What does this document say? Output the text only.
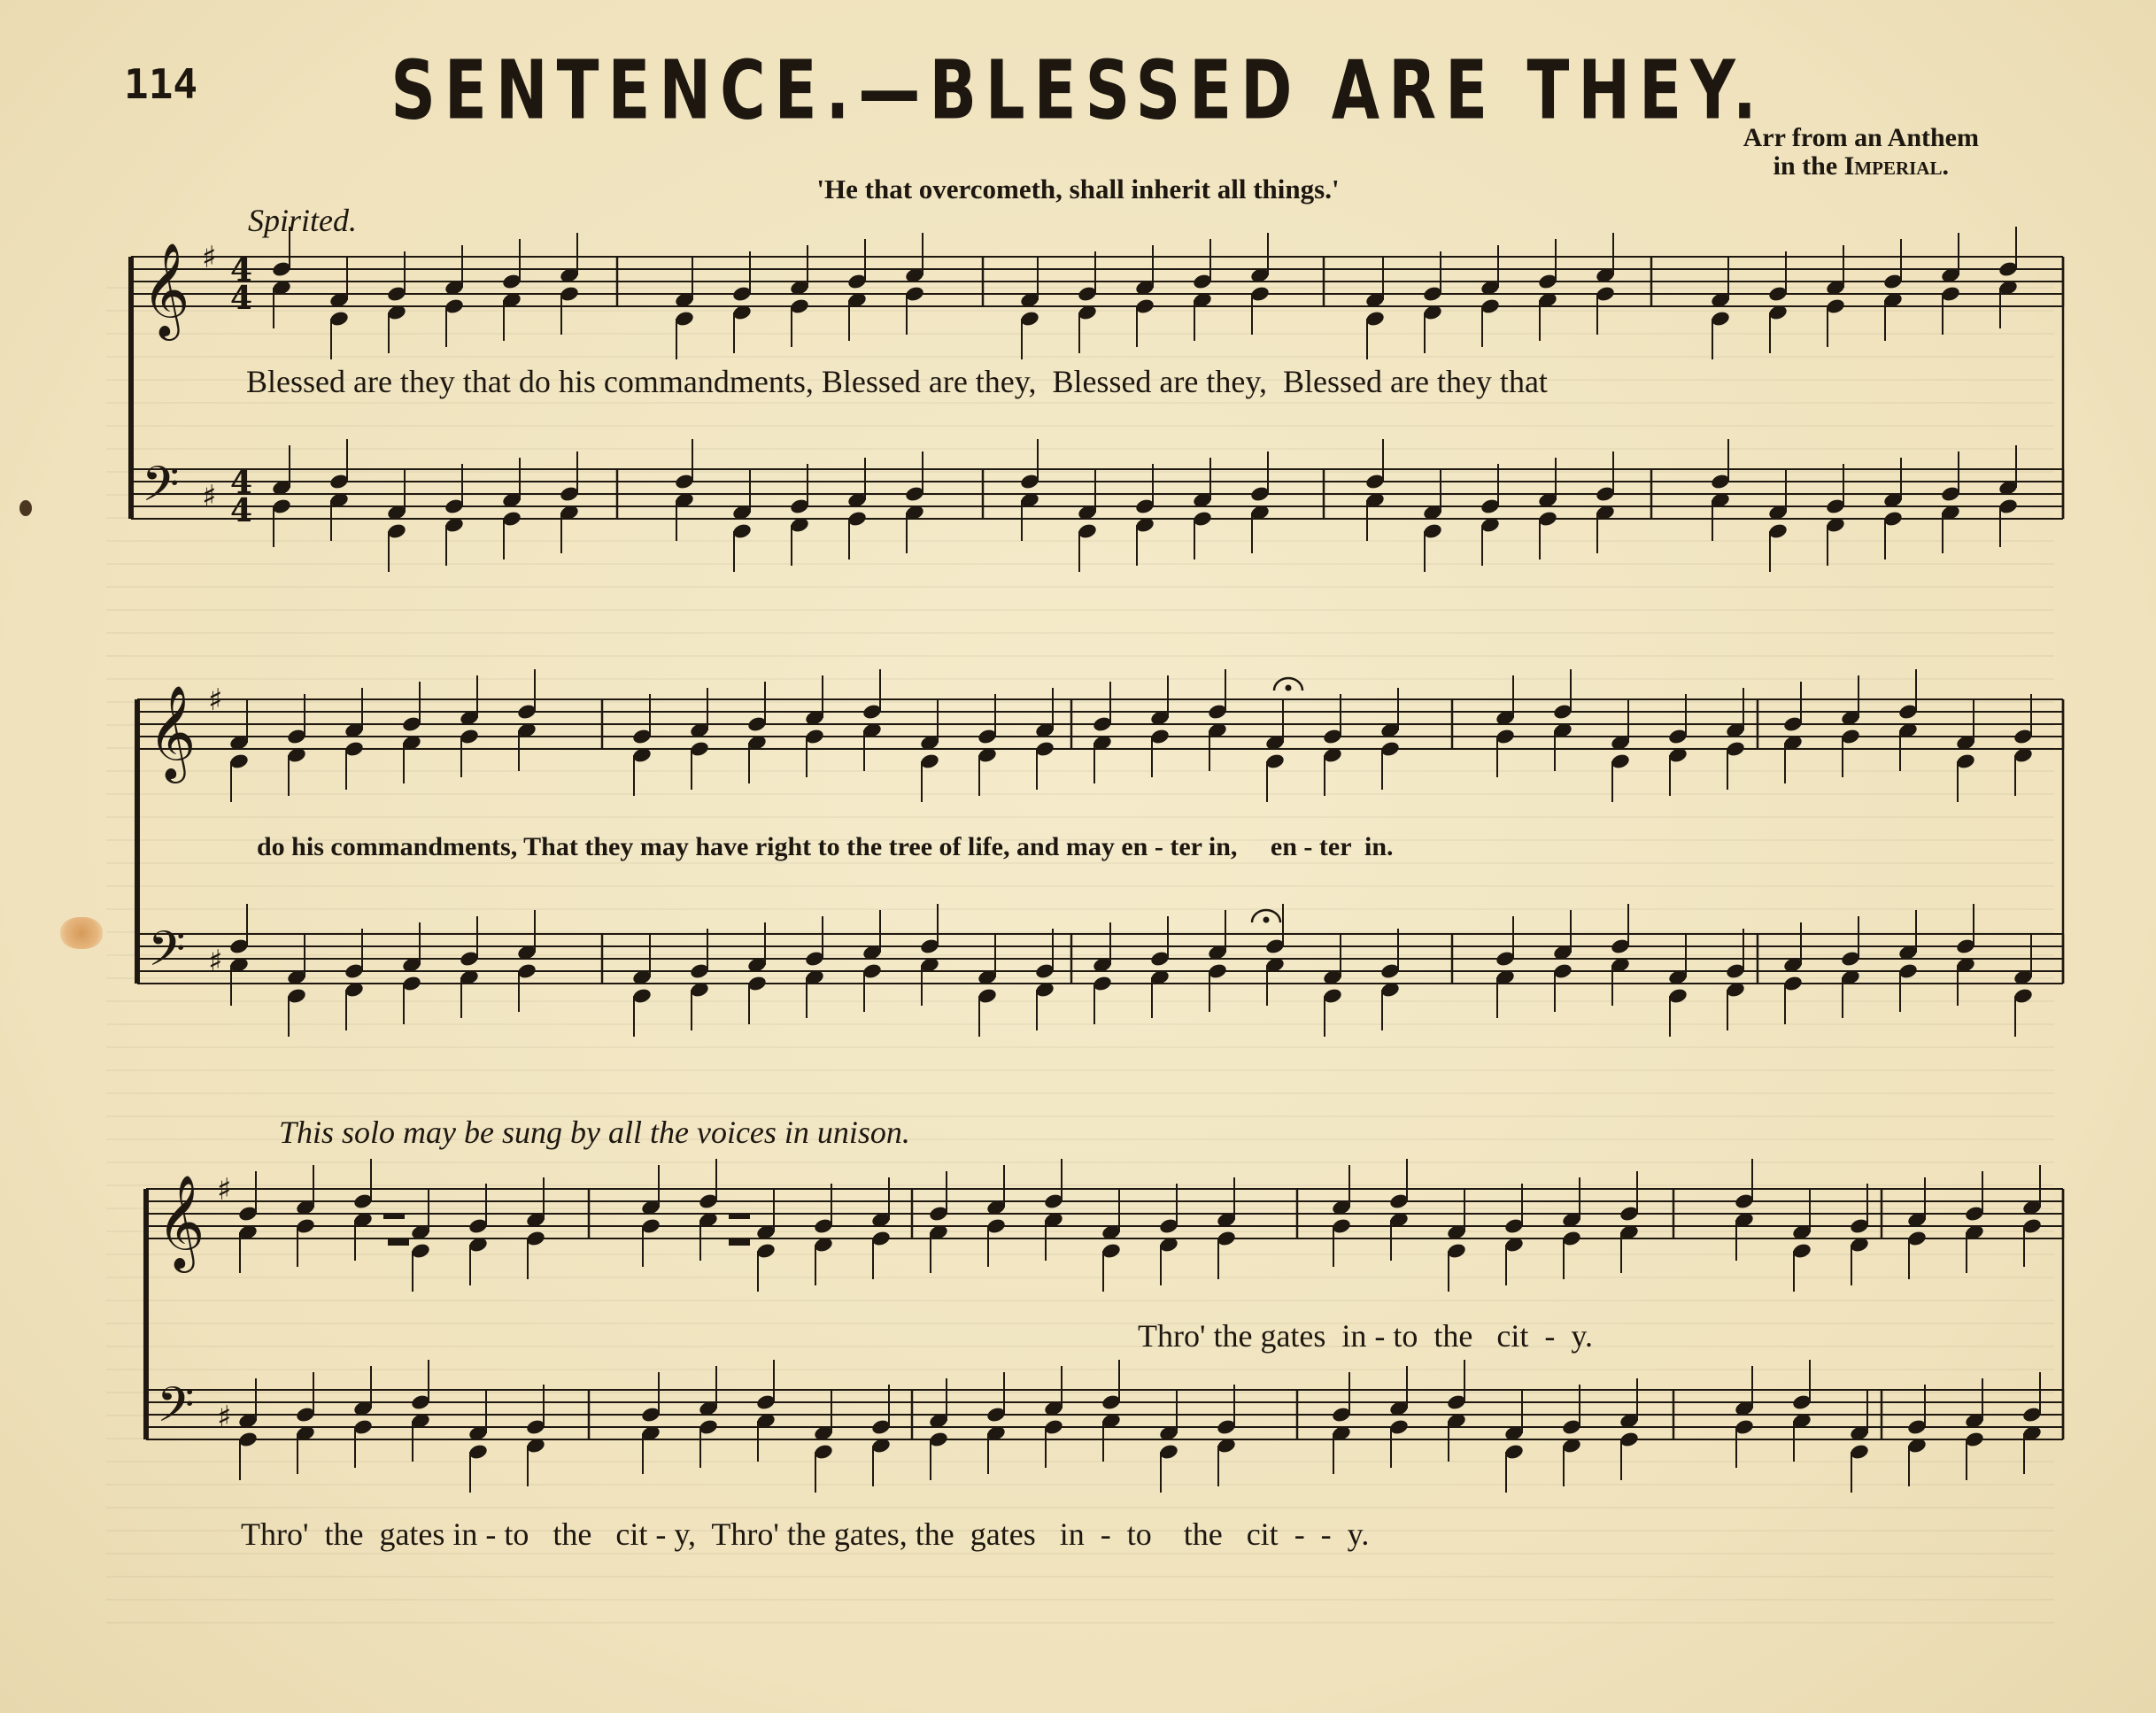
114	SENTENCE.—BLESSED ARE THEY.
Arr from an Anthem
in the Imperial.
'He that overcometh, shall inherit all things.'
Spirited.
𝄞 ♯ 4
4
𝄢 ♯ 4
4
𝄞 ♯
𝄢 ♯
𝄞 ♯
𝄢 ♯
Blessed are they that do his commandments, Blessed are they,  Blessed are they,  Blessed are they that
do his commandments, That they may have right to the tree of life, and may en - ter in,     en - ter  in.
This solo may be sung by all the voices in unison.
Thro' the gates  in - to  the   cit  -  y.
Thro'  the  gates in - to   the   cit - y,  Thro' the gates, the  gates   in  -  to    the   cit  -  -  y.
